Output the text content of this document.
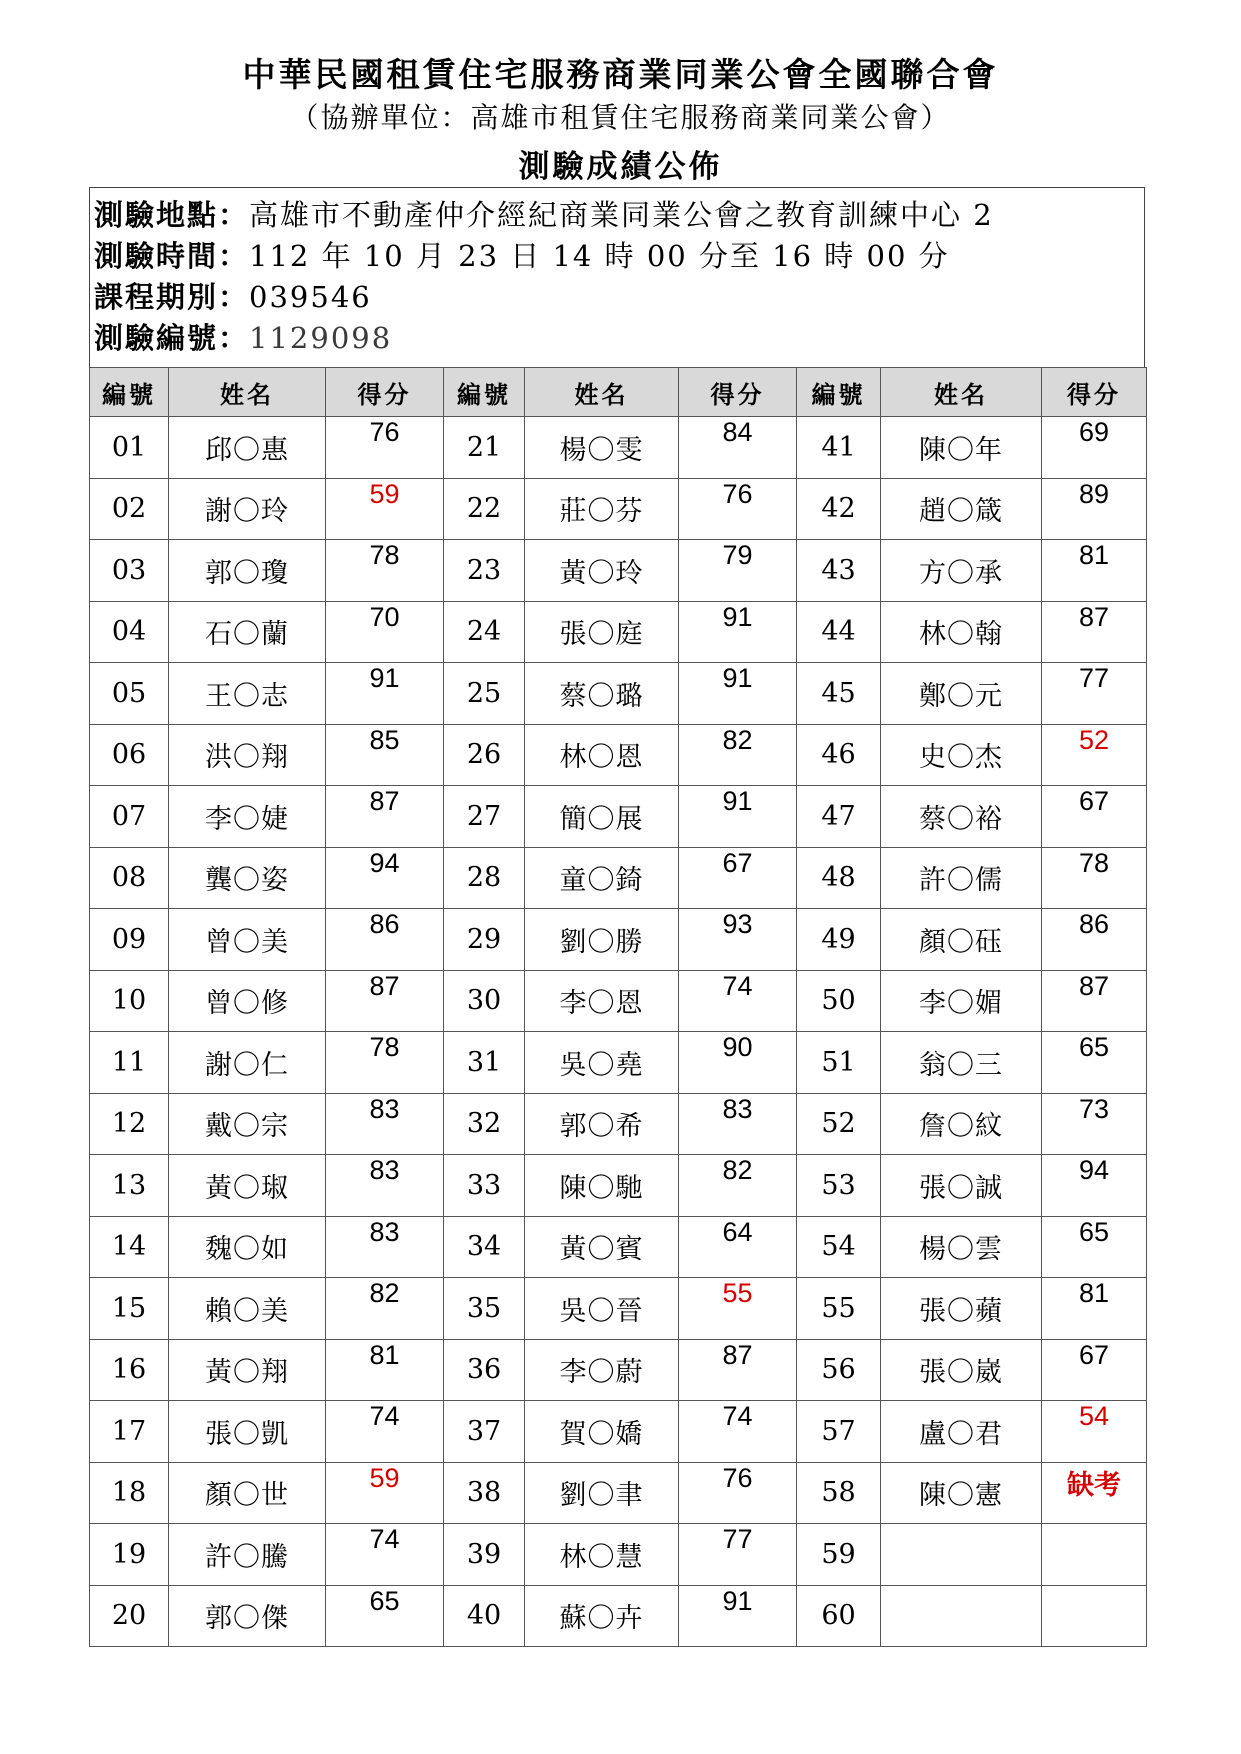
中華民國租賃住宅服務商業同業公會全國聯合會
（協辦單位：高雄市租賃住宅服務商業同業公會）
測驗成績公佈
測驗地點：高雄市不動產仲介經紀商業同業公會之教育訓練中心 2
測驗時間：112 年 10 月 23 日 14 時 00 分至 16 時 00 分
課程期別：039546
測驗編號：1129098
編號	姓名	得分	編號	姓名	得分	編號	姓名	得分
01	邱〇惠	76	21	楊〇雯	84	41	陳〇年	69
02	謝〇玲	59	22	莊〇芬	76	42	趙〇箴	89
03	郭〇瓊	78	23	黃〇玲	79	43	方〇承	81
04	石〇蘭	70	24	張〇庭	91	44	林〇翰	87
05	王〇志	91	25	蔡〇璐	91	45	鄭〇元	77
06	洪〇翔	85	26	林〇恩	82	46	史〇杰	52
07	李〇婕	87	27	簡〇展	91	47	蔡〇裕	67
08	龔〇姿	94	28	童〇錡	67	48	許〇儒	78
09	曾〇美	86	29	劉〇勝	93	49	顏〇砡	86
10	曾〇修	87	30	李〇恩	74	50	李〇媚	87
11	謝〇仁	78	31	吳〇堯	90	51	翁〇三	65
12	戴〇宗	83	32	郭〇希	83	52	詹〇紋	73
13	黃〇琡	83	33	陳〇馳	82	53	張〇誠	94
14	魏〇如	83	34	黃〇賓	64	54	楊〇雲	65
15	賴〇美	82	35	吳〇晉	55	55	張〇蘋	81
16	黃〇翔	81	36	李〇蔚	87	56	張〇崴	67
17	張〇凱	74	37	賀〇嬌	74	57	盧〇君	54
18	顏〇世	59	38	劉〇聿	76	58	陳〇憲	缺考
19	許〇騰	74	39	林〇慧	77	59		
20	郭〇傑	65	40	蘇〇卉	91	60		
